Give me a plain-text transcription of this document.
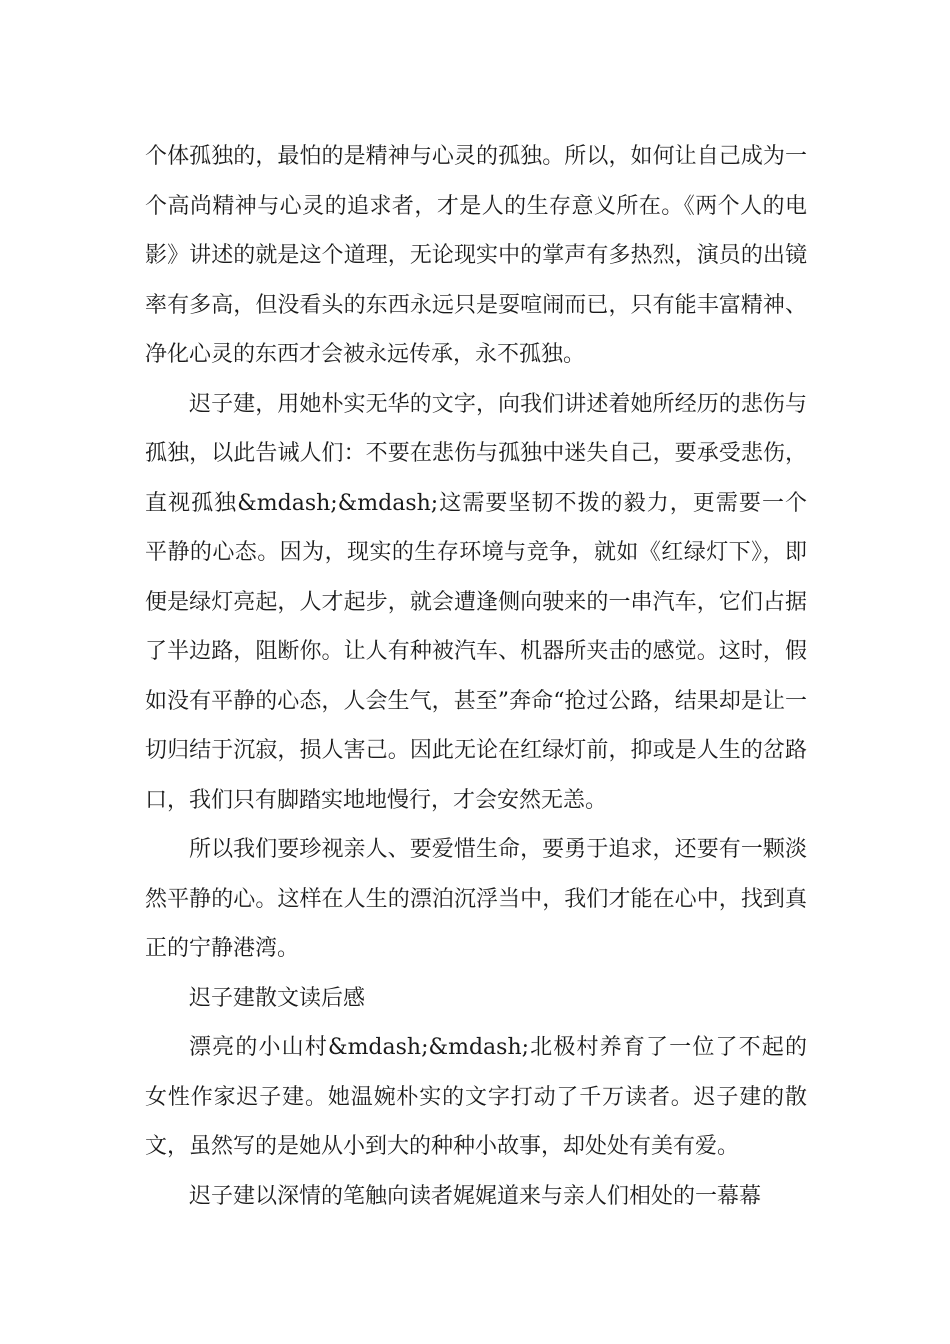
个体孤独的，最怕的是精神与心灵的孤独。所以，如何让自己成为一个高尚精神与心灵的追求者，才是人的生存意义所在。《两个人的电影》讲述的就是这个道理，无论现实中的掌声有多热烈，演员的出镜率有多高，但没看头的东西永远只是耍喧闹而已，只有能丰富精神、净化心灵的东西才会被永远传承，永不孤独。

迟子建，用她朴实无华的文字，向我们讲述着她所经历的悲伤与孤独，以此告诫人们：不要在悲伤与孤独中迷失自己，要承受悲伤，直视孤独&mdash;&mdash;这需要坚韧不拨的毅力，更需要一个平静的心态。因为，现实的生存环境与竞争，就如《红绿灯下》，即便是绿灯亮起，人才起步，就会遭逢侧向驶来的一串汽车，它们占据了半边路，阻断你。让人有种被汽车、机器所夹击的感觉。这时，假如没有平静的心态，人会生气，甚至”奔命“抢过公路，结果却是让一切归结于沉寂，损人害己。因此无论在红绿灯前，抑或是人生的岔路口，我们只有脚踏实地地慢行，才会安然无恙。

所以我们要珍视亲人、要爱惜生命，要勇于追求，还要有一颗淡然平静的心。这样在人生的漂泊沉浮当中，我们才能在心中，找到真正的宁静港湾。

迟子建散文读后感

漂亮的小山村&mdash;&mdash;北极村养育了一位了不起的女性作家迟子建。她温婉朴实的文字打动了千万读者。迟子建的散文，虽然写的是她从小到大的种种小故事，却处处有美有爱。

迟子建以深情的笔触向读者娓娓道来与亲人们相处的一幕幕
